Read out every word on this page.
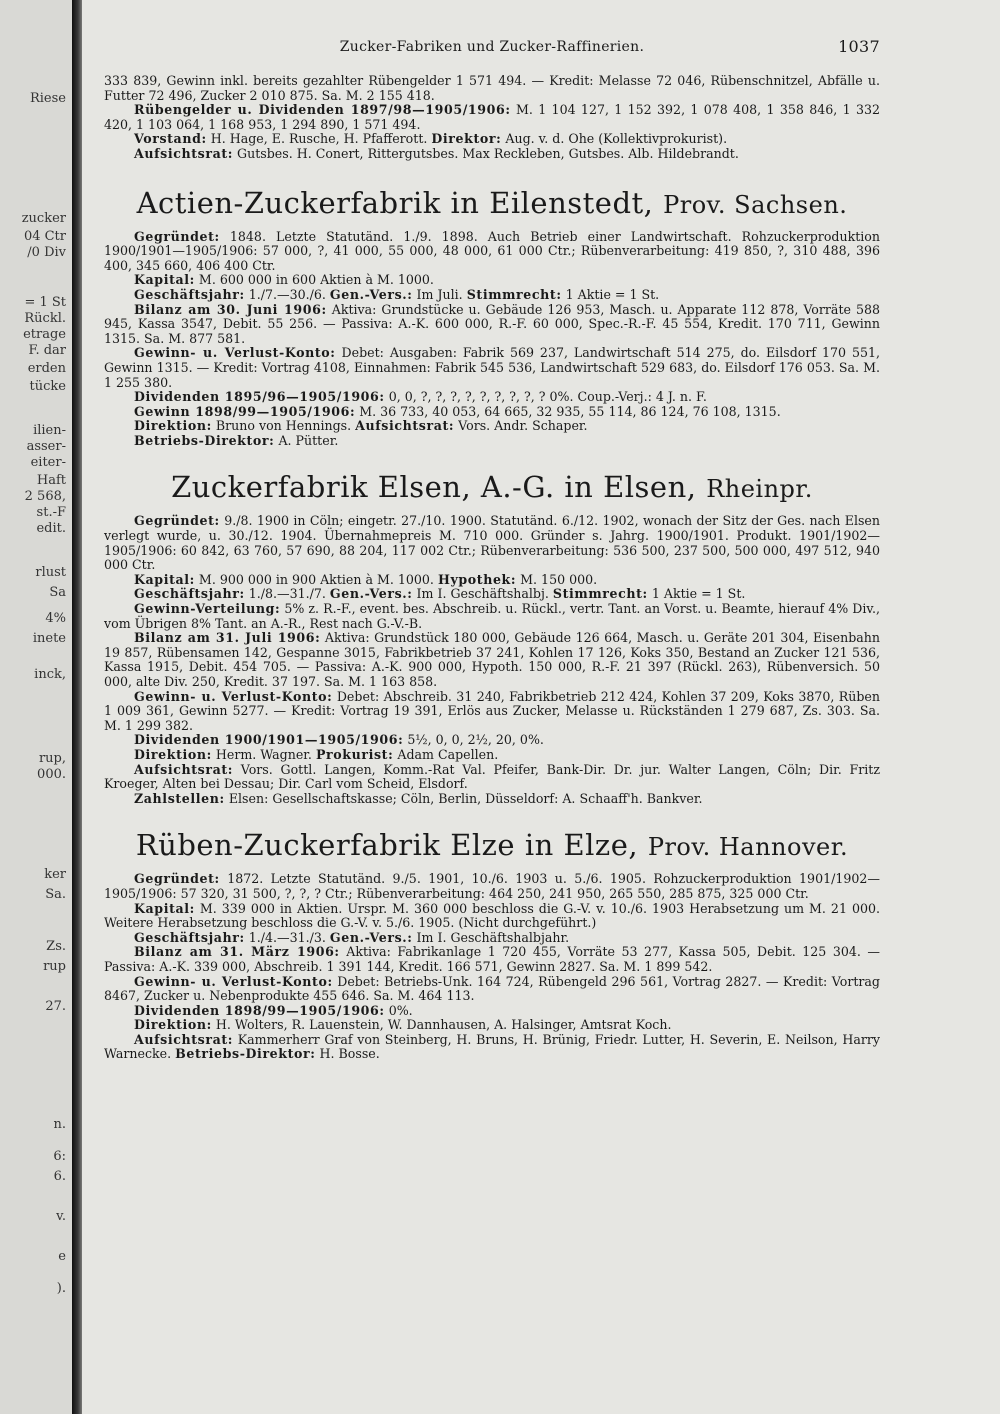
Riese
zucker
04 Ctr
/0 Div
= 1 St
Rückl.
etrage
F. dar
erden
tücke
ilien-
asser-
eiter-
Haft
2 568,
st.-F
edit.
rlust
Sa
4%
inete
inck,
rup,
000.
ker
Sa.
Zs.
rup
27.
n.
6:
6.
v.
e
).
Zucker-Fabriken und Zucker-Raffinerien.	1037

333 839, Gewinn inkl. bereits gezahlter Rübengelder 1 571 494. — Kredit: Melasse 72 046, Rübenschnitzel, Abfälle u. Futter 72 496, Zucker 2 010 875. Sa. M. 2 155 418.

Rübengelder u. Dividenden 1897/98—1905/1906: M. 1 104 127, 1 152 392, 1 078 408, 1 358 846, 1 332 420, 1 103 064, 1 168 953, 1 294 890, 1 571 494.

Vorstand: H. Hage, E. Rusche, H. Pfafferott. Direktor: Aug. v. d. Ohe (Kollektivprokurist).

Aufsichtsrat: Gutsbes. H. Conert, Rittergutsbes. Max Reckleben, Gutsbes. Alb. Hildebrandt.

Actien-Zuckerfabrik in Eilenstedt, Prov. Sachsen.

Gegründet: 1848. Letzte Statutänd. 1./9. 1898. Auch Betrieb einer Landwirtschaft. Rohzuckerproduktion 1900/1901—1905/1906: 57 000, ?, 41 000, 55 000, 48 000, 61 000 Ctr.; Rübenverarbeitung: 419 850, ?, 310 488, 396 400, 345 660, 406 400 Ctr.

Kapital: M. 600 000 in 600 Aktien à M. 1000.

Geschäftsjahr: 1./7.—30./6. Gen.-Vers.: Im Juli. Stimmrecht: 1 Aktie = 1 St.

Bilanz am 30. Juni 1906: Aktiva: Grundstücke u. Gebäude 126 953, Masch. u. Apparate 112 878, Vorräte 588 945, Kassa 3547, Debit. 55 256. — Passiva: A.-K. 600 000, R.-F. 60 000, Spec.-R.-F. 45 554, Kredit. 170 711, Gewinn 1315. Sa. M. 877 581.

Gewinn- u. Verlust-Konto: Debet: Ausgaben: Fabrik 569 237, Landwirtschaft 514 275, do. Eilsdorf 170 551, Gewinn 1315. — Kredit: Vortrag 4108, Einnahmen: Fabrik 545 536, Landwirtschaft 529 683, do. Eilsdorf 176 053. Sa. M. 1 255 380.

Dividenden 1895/96—1905/1906: 0, 0, ?, ?, ?, ?, ?, ?, ?, ?, ? 0%. Coup.-Verj.: 4 J. n. F.

Gewinn 1898/99—1905/1906: M. 36 733, 40 053, 64 665, 32 935, 55 114, 86 124, 76 108, 1315.

Direktion: Bruno von Hennings. Aufsichtsrat: Vors. Andr. Schaper.

Betriebs-Direktor: A. Pütter.

Zuckerfabrik Elsen, A.-G. in Elsen, Rheinpr.

Gegründet: 9./8. 1900 in Cöln; eingetr. 27./10. 1900. Statutänd. 6./12. 1902, wonach der Sitz der Ges. nach Elsen verlegt wurde, u. 30./12. 1904. Übernahmepreis M. 710 000. Gründer s. Jahrg. 1900/1901. Produkt. 1901/1902—1905/1906: 60 842, 63 760, 57 690, 88 204, 117 002 Ctr.; Rübenverarbeitung: 536 500, 237 500, 500 000, 497 512, 940 000 Ctr.

Kapital: M. 900 000 in 900 Aktien à M. 1000. Hypothek: M. 150 000.

Geschäftsjahr: 1./8.—31./7. Gen.-Vers.: Im I. Geschäftshalbj. Stimmrecht: 1 Aktie = 1 St.

Gewinn-Verteilung: 5% z. R.-F., event. bes. Abschreib. u. Rückl., vertr. Tant. an Vorst. u. Beamte, hierauf 4% Div., vom Übrigen 8% Tant. an A.-R., Rest nach G.-V.-B.

Bilanz am 31. Juli 1906: Aktiva: Grundstück 180 000, Gebäude 126 664, Masch. u. Geräte 201 304, Eisenbahn 19 857, Rübensamen 142, Gespanne 3015, Fabrikbetrieb 37 241, Kohlen 17 126, Koks 350, Bestand an Zucker 121 536, Kassa 1915, Debit. 454 705. — Passiva: A.-K. 900 000, Hypoth. 150 000, R.-F. 21 397 (Rückl. 263), Rübenversich. 50 000, alte Div. 250, Kredit. 37 197. Sa. M. 1 163 858.

Gewinn- u. Verlust-Konto: Debet: Abschreib. 31 240, Fabrikbetrieb 212 424, Kohlen 37 209, Koks 3870, Rüben 1 009 361, Gewinn 5277. — Kredit: Vortrag 19 391, Erlös aus Zucker, Melasse u. Rückständen 1 279 687, Zs. 303. Sa. M. 1 299 382.

Dividenden 1900/1901—1905/1906: 5½, 0, 0, 2½, 20, 0%.

Direktion: Herm. Wagner. Prokurist: Adam Capellen.

Aufsichtsrat: Vors. Gottl. Langen, Komm.-Rat Val. Pfeifer, Bank-Dir. Dr. jur. Walter Langen, Cöln; Dir. Fritz Kroeger, Alten bei Dessau; Dir. Carl vom Scheid, Elsdorf.

Zahlstellen: Elsen: Gesellschaftskasse; Cöln, Berlin, Düsseldorf: A. Schaaff'h. Bankver.

Rüben-Zuckerfabrik Elze in Elze, Prov. Hannover.

Gegründet: 1872. Letzte Statutänd. 9./5. 1901, 10./6. 1903 u. 5./6. 1905. Rohzuckerproduktion 1901/1902—1905/1906: 57 320, 31 500, ?, ?, ? Ctr.; Rübenverarbeitung: 464 250, 241 950, 265 550, 285 875, 325 000 Ctr.

Kapital: M. 339 000 in Aktien. Urspr. M. 360 000 beschloss die G.-V. v. 10./6. 1903 Herabsetzung um M. 21 000. Weitere Herabsetzung beschloss die G.-V. v. 5./6. 1905. (Nicht durchgeführt.)

Geschäftsjahr: 1./4.—31./3. Gen.-Vers.: Im I. Geschäftshalbjahr.

Bilanz am 31. März 1906: Aktiva: Fabrikanlage 1 720 455, Vorräte 53 277, Kassa 505, Debit. 125 304. — Passiva: A.-K. 339 000, Abschreib. 1 391 144, Kredit. 166 571, Gewinn 2827. Sa. M. 1 899 542.

Gewinn- u. Verlust-Konto: Debet: Betriebs-Unk. 164 724, Rübengeld 296 561, Vortrag 2827. — Kredit: Vortrag 8467, Zucker u. Nebenprodukte 455 646. Sa. M. 464 113.

Dividenden 1898/99—1905/1906: 0%.

Direktion: H. Wolters, R. Lauenstein, W. Dannhausen, A. Halsinger, Amtsrat Koch.

Aufsichtsrat: Kammerherr Graf von Steinberg, H. Bruns, H. Brünig, Friedr. Lutter, H. Severin, E. Neilson, Harry Warnecke. Betriebs-Direktor: H. Bosse.
